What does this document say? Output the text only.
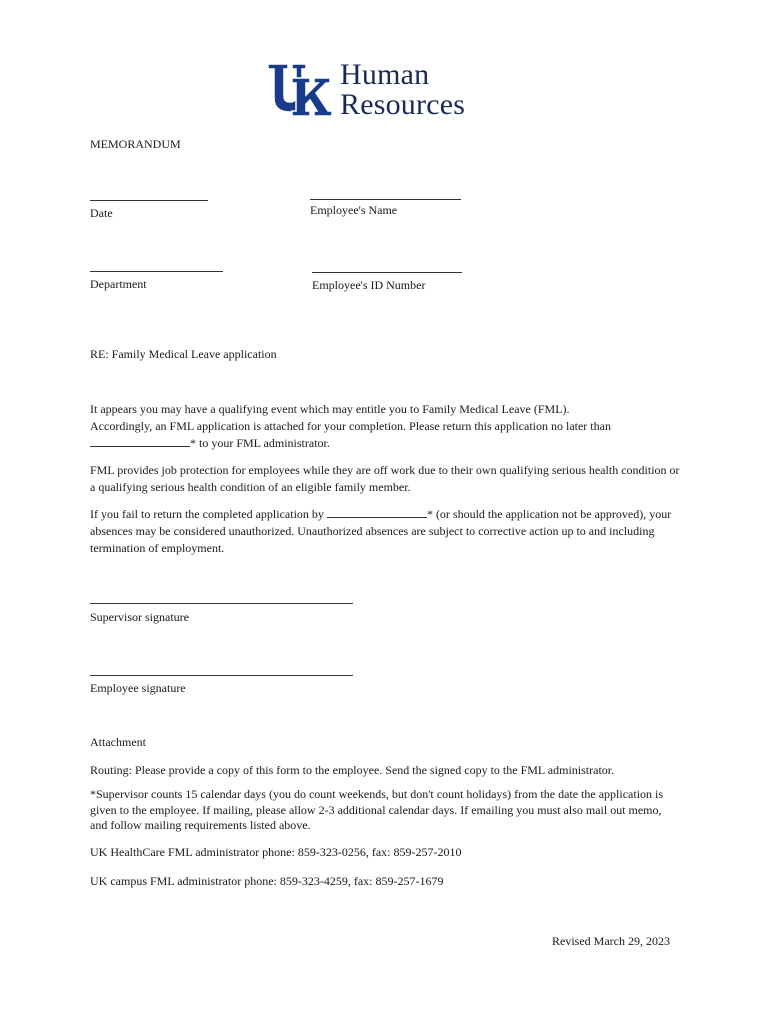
Human
Resources
MEMORANDUM
Date	Employee's Name
Department	Employee's ID Number
RE: Family Medical Leave application
It appears you may have a qualifying event which may entitle you to Family Medical Leave (FML).
Accordingly, an FML application is attached for your completion. Please return this application no later than
* to your FML administrator.
FML provides job protection for employees while they are off work due to their own qualifying serious health condition or a qualifying serious health condition of an eligible family member.
If you fail to return the completed application by	* (or should the application not be approved), your absences may be considered unauthorized. Unauthorized absences are subject to corrective action up to and including termination of employment.
Supervisor signature
Employee signature
Attachment
Routing: Please provide a copy of this form to the employee. Send the signed copy to the FML administrator.
*Supervisor counts 15 calendar days (you do count weekends, but don't count holidays) from the date the application is given to the employee. If mailing, please allow 2-3 additional calendar days. If emailing you must also mail out memo, and follow mailing requirements listed above.
UK HealthCare FML administrator phone: 859-323-0256, fax: 859-257-2010
UK campus FML administrator phone: 859-323-4259, fax: 859-257-1679
Revised March 29, 2023
